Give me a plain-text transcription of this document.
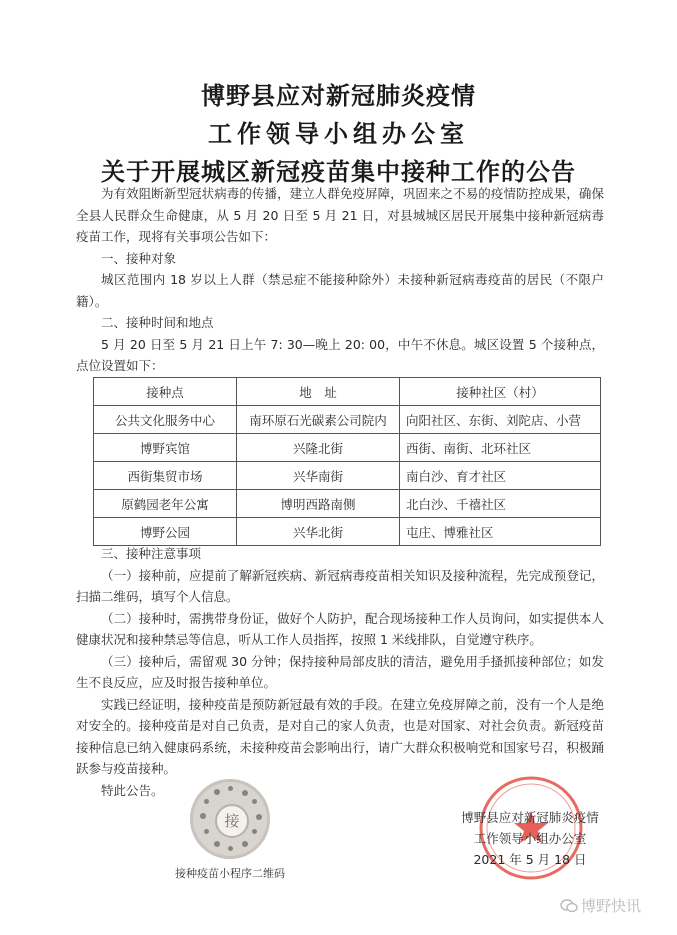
博野县应对新冠肺炎疫情
工作领导小组办公室
关于开展城区新冠疫苗集中接种工作的公告

为有效阻断新型冠状病毒的传播，建立人群免疫屏障，巩固来之不易的疫情防控成果，确保全县人民群众生命健康，从 5 月 20 日至 5 月 21 日，对县城城区居民开展集中接种新冠病毒疫苗工作，现将有关事项公告如下：

一、接种对象

城区范围内 18 岁以上人群（禁忌症不能接种除外）未接种新冠病毒疫苗的居民（不限户籍）。

二、接种时间和地点

5 月 20 日至 5 月 21 日上午 7: 30—晚上 20: 00，中午不休息。城区设置 5 个接种点，点位设置如下：

接种点	地　址	接种社区（村）
公共文化服务中心	南环原石光碳素公司院内	向阳社区、东街、刘陀店、小营
博野宾馆	兴隆北街	西街、南街、北环社区
西街集贸市场	兴华南街	南白沙、育才社区
原鹤园老年公寓	博明西路南侧	北白沙、千禧社区
博野公园	兴华北街	屯庄、博雅社区

三、接种注意事项

（一）接种前，应提前了解新冠疾病、新冠病毒疫苗相关知识及接种流程，先完成预登记，扫描二维码，填写个人信息。

（二）接种时，需携带身份证，做好个人防护，配合现场接种工作人员询问，如实提供本人健康状况和接种禁忌等信息，听从工作人员指挥，按照 1 米线排队，自觉遵守秩序。

（三）接种后，需留观 30 分钟；保持接种局部皮肤的清洁，避免用手搔抓接种部位；如发生不良反应，应及时报告接种单位。

实践已经证明，接种疫苗是预防新冠最有效的手段。在建立免疫屏障之前，没有一个人是绝对安全的。接种疫苗是对自己负责，是对自己的家人负责，也是对国家、对社会负责。新冠疫苗接种信息已纳入健康码系统，未接种疫苗会影响出行，请广大群众积极响党和国家号召，积极踊跃参与疫苗接种。

特此公告。

接
接种疫苗小程序二维码
博野县应对新冠肺炎疫情
工作领导小组办公室
2021 年 5 月 18 日
博野快讯
